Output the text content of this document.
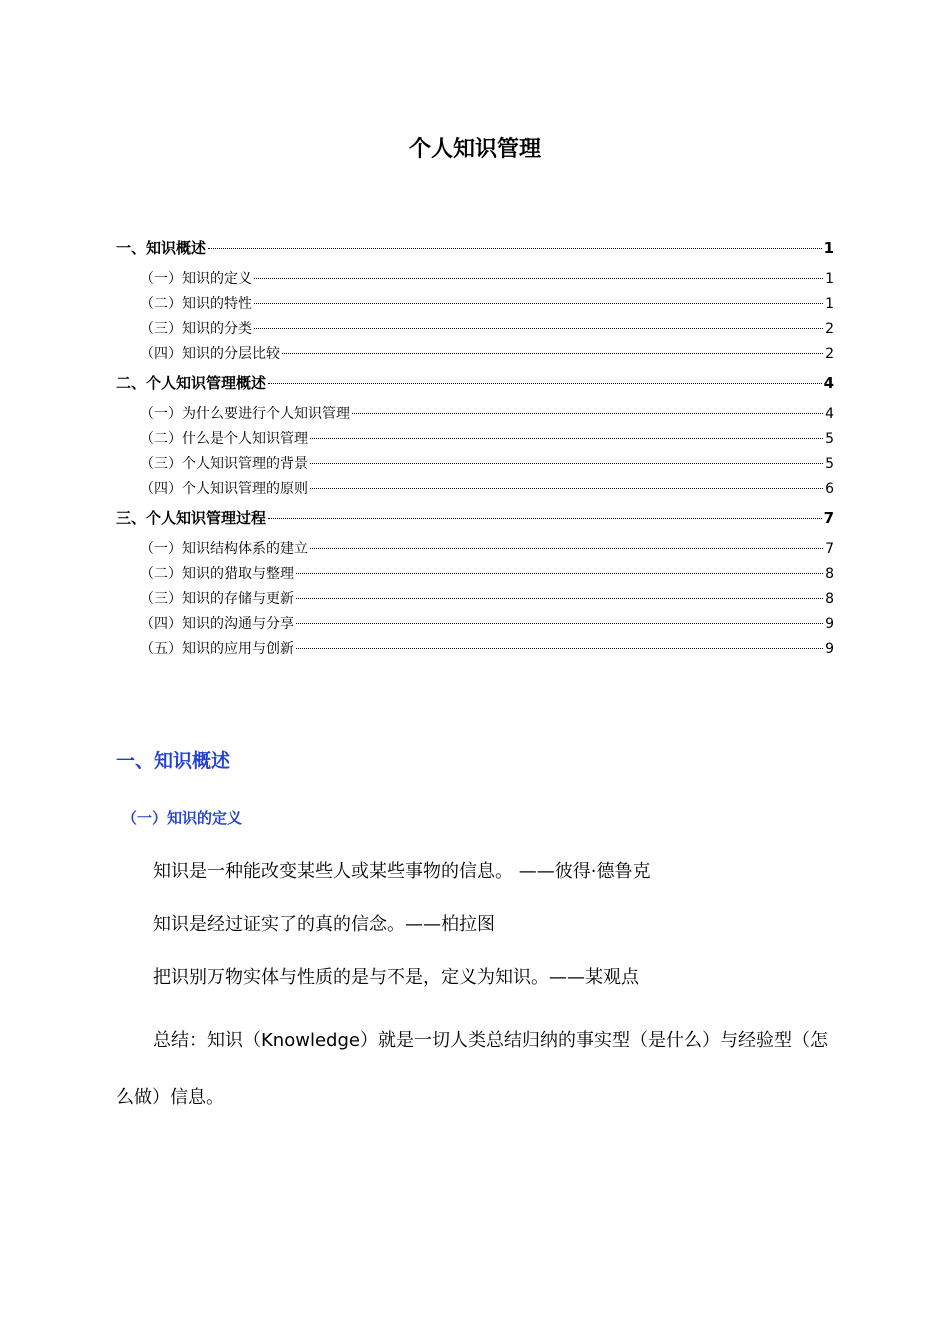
个人知识管理
一、知识概述	1
（一）知识的定义	1
（二）知识的特性	1
（三）知识的分类	2
（四）知识的分层比较	2
二、个人知识管理概述	4
（一）为什么要进行个人知识管理	4
（二）什么是个人知识管理	5
（三）个人知识管理的背景	5
（四）个人知识管理的原则	6
三、个人知识管理过程	7
（一）知识结构体系的建立	7
（二）知识的猎取与整理	8
（三）知识的存储与更新	8
（四）知识的沟通与分享	9
（五）知识的应用与创新	9
一、知识概述
（一）知识的定义
知识是一种能改变某些人或某些事物的信息。 ——彼得·德鲁克
知识是经过证实了的真的信念。——柏拉图
把识别万物实体与性质的是与不是，定义为知识。——某观点
总结：知识（Knowledge）就是一切人类总结归纳的事实型（是什么）与经验型（怎么做）信息。
